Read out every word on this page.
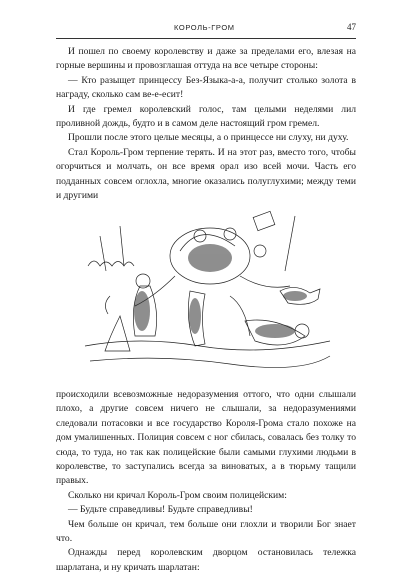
КОРОЛЬ-ГРОМ	47

И пошел по своему королевству и даже за пределами его, влезая на горные вершины и провозглашая оттуда на все четыре стороны:

— Кто разыщет принцессу Без-Языка-а-а, получит столько золота в награду, сколько сам ве-е-есит!

И где гремел королевский голос, там целыми неделями лил проливной дождь, будто и в самом деле настоящий гром гремел.

Прошли после этого целые месяцы, а о принцессе ни слуху, ни духу.

Стал Король-Гром терпение терять. И на этот раз, вместо того, чтобы огорчиться и молчать, он все время орал изо всей мочи. Часть его подданных совсем оглохла, многие оказались полуглухими; между теми и другими

происходили всевозможные недоразумения оттого, что одни слышали плохо, а другие совсем ничего не слышали, за недоразумениями следовали потасовки и все государство Короля-Грома стало похоже на дом умалишенных. Полиция совсем с ног сбилась, совалась без толку то сюда, то туда, но так как полицейские были самыми глухими людьми в королевстве, то заступались всегда за виноватых, а в тюрьму тащили правых.

Сколько ни кричал Король-Гром своим полицейским:

— Будьте справедливы! Будьте справедливы!

Чем больше он кричал, тем больше они глохли и творили Бог знает что.

Однажды перед королевским дворцом остановилась тележка шарлатана, и ну кричать шарлатан:
